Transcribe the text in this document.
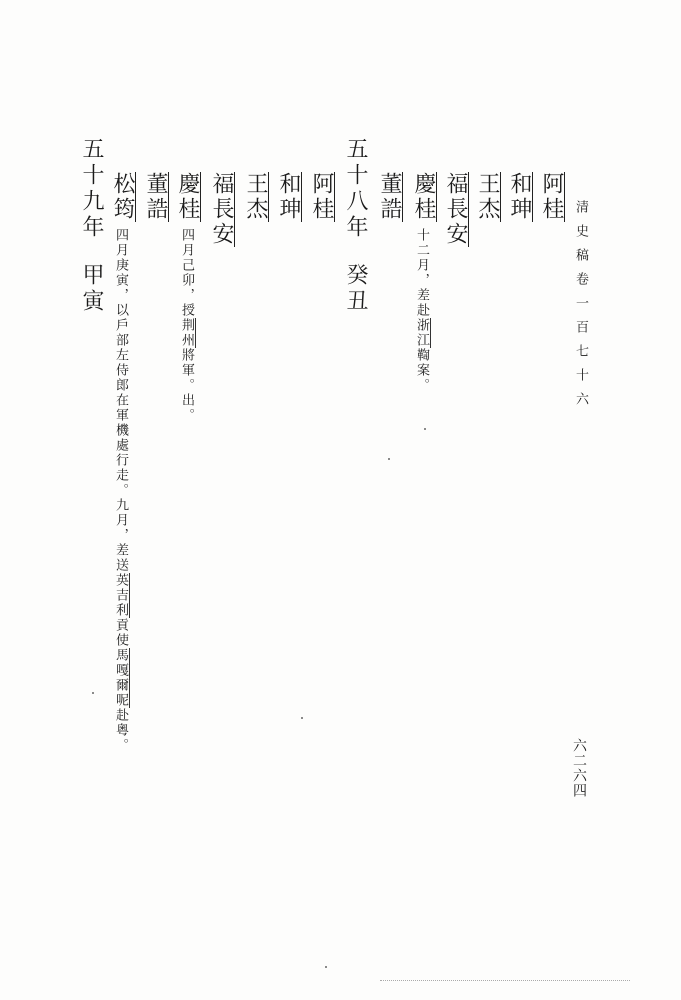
清史稿卷一百七十六
六二六四
阿桂
和珅
王杰
福長安
慶桂
十二月，差赴浙江鞫案。
董誥
五十八年癸丑
阿桂
和珅
王杰
福長安
慶桂
四月己卯，授荆州將軍。出。
董誥
松筠
四月庚寅，以戶部左侍郎在軍機處行走。九月，差送英吉利貢使馬嘎爾呢赴粵。
五十九年甲寅
